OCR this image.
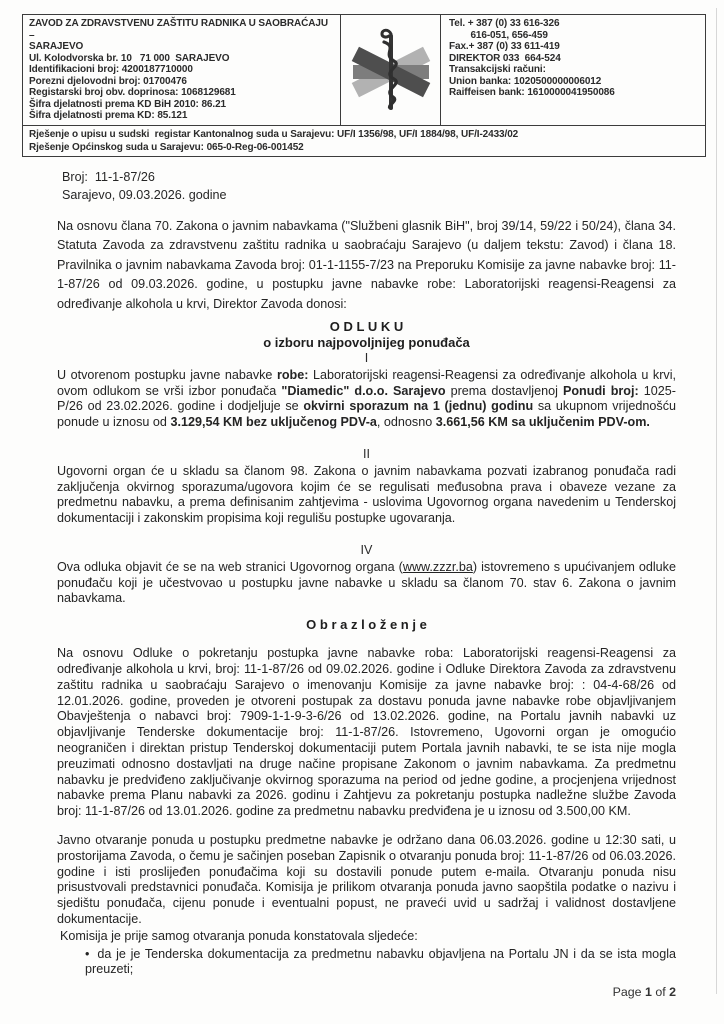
ZAVOD ZA ZDRAVSTVENU ZAŠTITU RADNIKA U SAOBRAĆAJU –
SARAJEVO
Ul. Kolodvorska br. 10   71 000  SARAJEVO
Identifikacioni broj: 4200187710000
Porezni djelovodni broj: 01700476
Registarski broj obv. doprinosa: 1068129681
Šifra djelatnosti prema KD BiH 2010: 86.21
Šifra djelatnosti prema KD: 85.121
Tel. + 387 (0) 33 616-326
616-051, 656-459
Fax.+ 387 (0) 33 611-419
DIREKTOR 033  664-524
Transakcijski računi:
Union banka: 1020500000006012
Raiffeisen bank: 1610000041950086
Rješenje o upisu u sudski  registar Kantonalnog suda u Sarajevu: UF/I 1356/98, UF/I 1884/98, UF/I-2433/02
Rješenje Općinskog suda u Sarajevu: 065-0-Reg-06-001452
Broj:  11-1-87/26
Sarajevo, 09.03.2026. godine
Na osnovu člana 70. Zakona o javnim nabavkama ("Službeni glasnik BiH", broj 39/14, 59/22 i 50/24), člana 34. Statuta Zavoda za zdravstvenu zaštitu radnika u saobraćaju Sarajevo (u daljem tekstu: Zavod) i člana 18. Pravilnika o javnim nabavkama Zavoda broj: 01-1-1155-7/23 na Preporuku Komisije za javne nabavke broj: 11-1-87/26 od 09.03.2026. godine, u postupku javne nabavke robe: Laboratorijski reagensi-Reagensi za određivanje alkohola u krvi, Direktor Zavoda donosi:
O D L U K U
o izboru najpovoljnijeg ponuđača
I
U otvorenom postupku javne nabavke robe: Laboratorijski reagensi-Reagensi za određivanje alkohola u krvi, ovom odlukom se vrši izbor ponuđača "Diamedic" d.o.o. Sarajevo prema dostavljenoj Ponudi broj: 1025-P/26 od 23.02.2026. godine i dodjeljuje se okvirni sporazum na 1 (jednu) godinu sa ukupnom vrijednošću ponude u iznosu od 3.129,54 KM bez uključenog PDV-a, odnosno 3.661,56 KM sa uključenim PDV-om.
II
Ugovorni organ će u skladu sa članom 98. Zakona o javnim nabavkama pozvati izabranog ponuđača radi zaključenja okvirnog sporazuma/ugovora kojim će se regulisati međusobna prava i obaveze vezane za predmetnu nabavku, a prema definisanim zahtjevima - uslovima Ugovornog organa navedenim u Tenderskoj dokumentaciji i zakonskim propisima koji regulišu postupke ugovaranja.
IV
Ova odluka objavit će se na web stranici Ugovornog organa (www.zzzr.ba) istovremeno s upućivanjem odluke ponuđaču koji je učestvovao u postupku javne nabavke u skladu sa članom 70. stav 6. Zakona o javnim nabavkama.
O b r a z l o ž e n j e
Na osnovu Odluke o pokretanju postupka javne nabavke roba: Laboratorijski reagensi-Reagensi za određivanje alkohola u krvi, broj: 11-1-87/26 od 09.02.2026. godine i Odluke Direktora Zavoda za zdravstvenu zaštitu radnika u saobraćaju Sarajevo o imenovanju Komisije za javne nabavke broj: : 04-4-68/26 od 12.01.2026. godine, proveden je otvoreni postupak za dostavu ponuda javne nabavke robe objavljivanjem Obavještenja o nabavci broj: 7909-1-1-9-3-6/26 od 13.02.2026. godine, na Portalu javnih nabavki uz objavljivanje Tenderske dokumentacije broj: 11-1-87/26. Istovremeno, Ugovorni organ je omogućio neograničen i direktan pristup Tenderskoj dokumentaciji putem Portala javnih nabavki, te se ista nije mogla preuzimati odnosno dostavljati na druge načine propisane Zakonom o javnim nabavkama. Za predmetnu nabavku je predviđeno zaključivanje okvirnog sporazuma na period od jedne godine, a procjenjena vrijednost nabavke prema Planu nabavki za 2026. godinu i Zahtjevu za pokretanju postupka nadležne službe Zavoda broj: 11-1-87/26 od 13.01.2026. godine za predmetnu nabavku predviđena je u iznosu od 3.500,00 KM.
Javno otvaranje ponuda u postupku predmetne nabavke je održano dana 06.03.2026. godine u 12:30 sati, u prostorijama Zavoda, o čemu je sačinjen poseban Zapisnik o otvaranju ponuda broj: 11-1-87/26 od 06.03.2026. godine i isti proslijeđen ponuđačima koji su dostavili ponude putem e-maila. Otvaranju ponuda nisu prisustvovali predstavnici ponuđača. Komisija je prilikom otvaranja ponuda javno saopštila podatke o nazivu i sjedištu ponuđača, cijenu ponude i eventualni popust, ne praveći uvid u sadržaj i validnost dostavljene dokumentacije.
Komisija je prije samog otvaranja ponuda konstatovala sljedeće:
• da je je Tenderska dokumentacija za predmetnu nabavku objavljena na Portalu JN i da se ista mogla preuzeti;
Page 1 of 2
